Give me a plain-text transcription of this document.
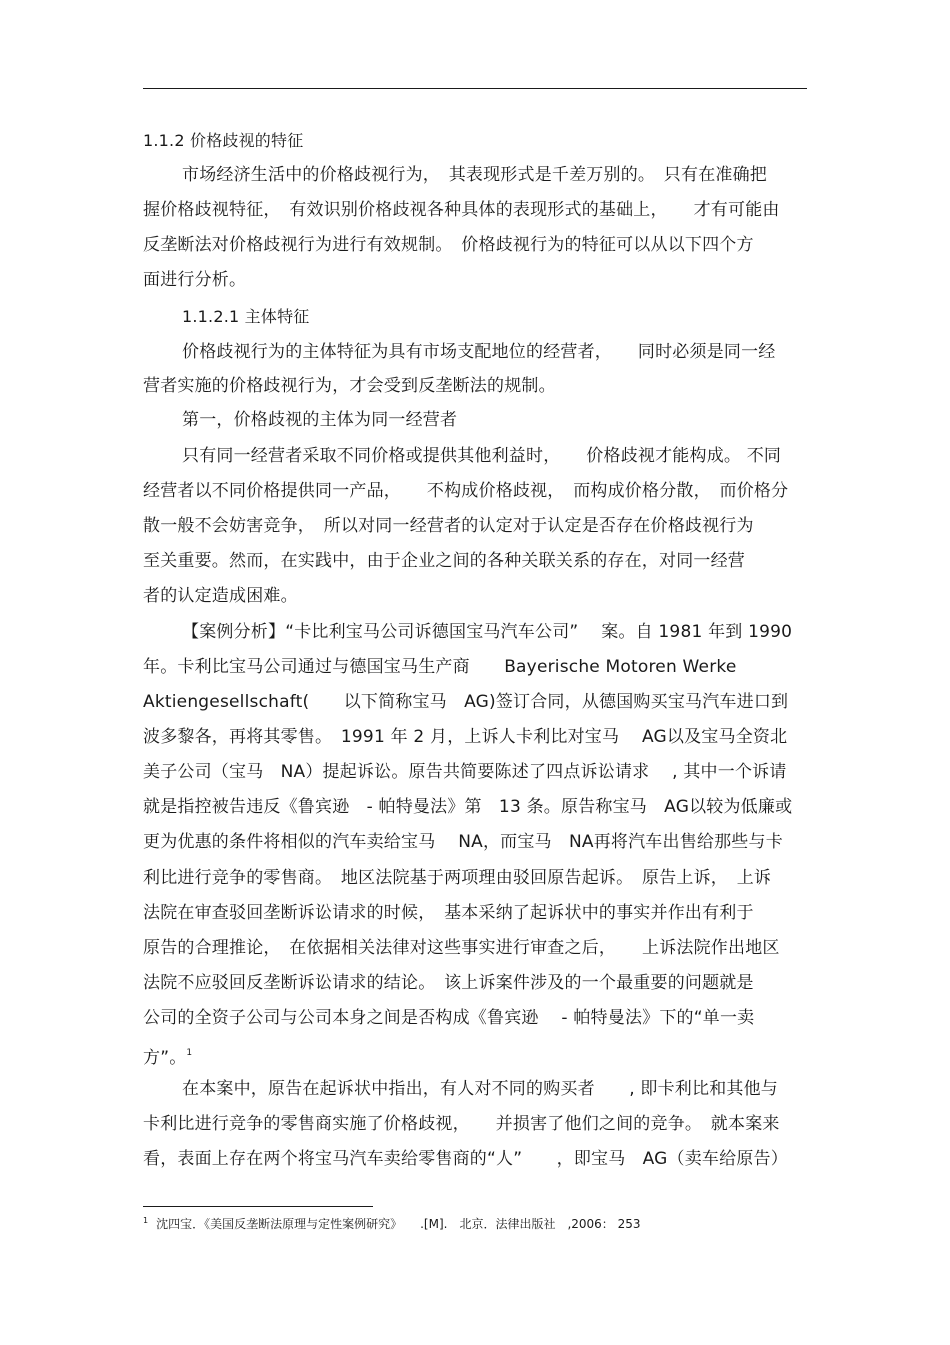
1.1.2 价格歧视的特征
市场经济生活中的价格歧视行为，　其表现形式是千差万别的。　只有在准确把
握价格歧视特征，　有效识别价格歧视各种具体的表现形式的基础上，　　才有可能由
反垄断法对价格歧视行为进行有效规制。　价格歧视行为的特征可以从以下四个方
面进行分析。
1.1.2.1 主体特征
价格歧视行为的主体特征为具有市场支配地位的经营者，　　同时必须是同一经
营者实施的价格歧视行为，才会受到反垄断法的规制。
第一，价格歧视的主体为同一经营者
只有同一经营者采取不同价格或提供其他利益时，　　价格歧视才能构成。 不同
经营者以不同价格提供同一产品，　　不构成价格歧视，　而构成价格分散，　而价格分
散一般不会妨害竞争，　所以对同一经营者的认定对于认定是否存在价格歧视行为
至关重要。然而，在实践中，由于企业之间的各种关联关系的存在，对同一经营
者的认定造成困难。
【案例分析】“卡比利宝马公司诉德国宝马汽车公司”　 案。自 1981 年到 1990
年。卡利比宝马公司通过与德国宝马生产商　　Bayerische Motoren Werke
Aktiengesellschaft(　　以下简称宝马　AG)签订合同，从德国购买宝马汽车进口到
波多黎各，再将其零售。　1991 年 2 月，上诉人卡利比对宝马　 AG以及宝马全资北
美子公司（宝马　NA）提起诉讼。原告共简要陈述了四点诉讼请求　 , 其中一个诉请
就是指控被告违反《鲁宾逊　- 帕特曼法》第　13 条。原告称宝马　AG以较为低廉或
更为优惠的条件将相似的汽车卖给宝马　 NA，而宝马　NA再将汽车出售给那些与卡
利比进行竞争的零售商。　地区法院基于两项理由驳回原告起诉。　原告上诉，　上诉
法院在审查驳回垄断诉讼请求的时候，　基本采纳了起诉状中的事实并作出有利于
原告的合理推论，　在依据相关法律对这些事实进行审查之后，　　上诉法院作出地区
法院不应驳回反垄断诉讼请求的结论。　该上诉案件涉及的一个最重要的问题就是
公司的全资子公司与公司本身之间是否构成《鲁宾逊　 - 帕特曼法》下的“单一卖
方”。$^1$
在本案中，原告在起诉状中指出，有人对不同的购买者　　, 即卡利比和其他与
卡利比进行竞争的零售商实施了价格歧视，　　并损害了他们之间的竞争。　就本案来
看，表面上存在两个将宝马汽车卖给零售商的“人”　　，即宝马　AG（卖车给原告）
$^1$ 沈四宝．《美国反垄断法原理与定性案例研究》　　.[M].　北京．法律出版社　,2006： 253
